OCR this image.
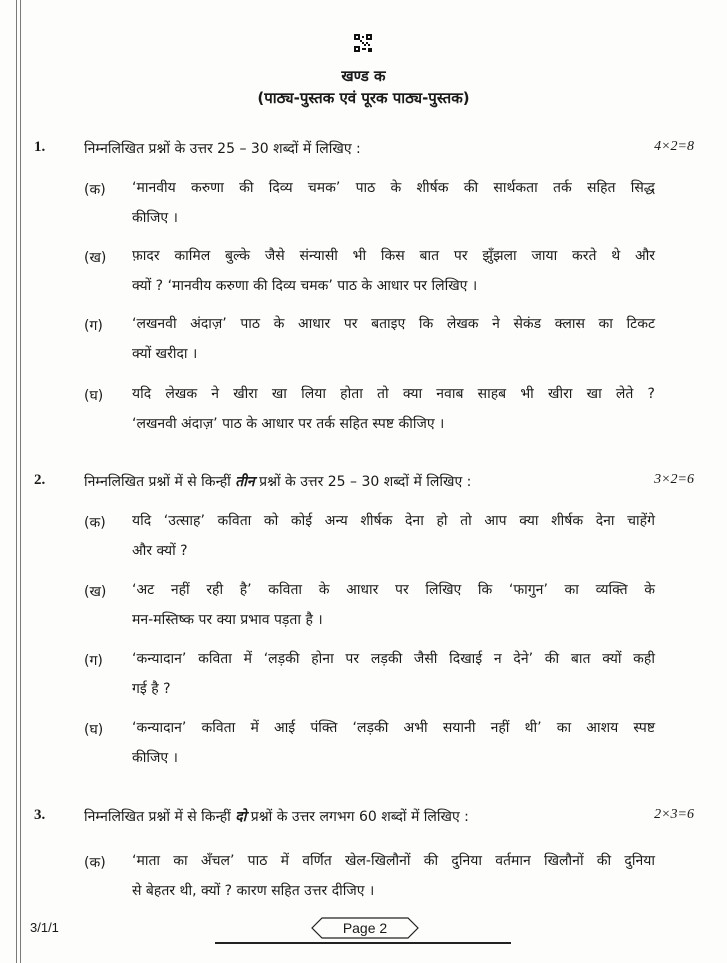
खण्ड क
(पाठ्य-पुस्तक एवं पूरक पाठ्य-पुस्तक)
1.	निम्नलिखित प्रश्नों के उत्तर 25 – 30 शब्दों में लिखिए :	4×2=8
(क) ‘मानवीय करुणा की दिव्य चमक’ पाठ के शीर्षक की सार्थकता तर्क सहित सिद्ध
कीजिए ।
(ख) फ़ादर कामिल बुल्के जैसे संन्यासी भी किस बात पर झुँझला जाया करते थे और
क्यों ? ‘मानवीय करुणा की दिव्य चमक’ पाठ के आधार पर लिखिए ।
(ग) ‘लखनवी अंदाज़’ पाठ के आधार पर बताइए कि लेखक ने सेकंड क्लास का टिकट
क्यों खरीदा ।
(घ) यदि लेखक ने खीरा खा लिया होता तो क्या नवाब साहब भी खीरा खा लेते ?
‘लखनवी अंदाज़’ पाठ के आधार पर तर्क सहित स्पष्ट कीजिए ।
2.	निम्नलिखित प्रश्नों में से किन्हीं तीन प्रश्नों के उत्तर 25 – 30 शब्दों में लिखिए :	3×2=6
(क) यदि ‘उत्साह’ कविता को कोई अन्य शीर्षक देना हो तो आप क्या शीर्षक देना चाहेंगे
और क्यों ?
(ख) ‘अट नहीं रही है’ कविता के आधार पर लिखिए कि ‘फागुन’ का व्यक्ति के
मन-मस्तिष्क पर क्या प्रभाव पड़ता है ।
(ग) ‘कन्यादान’ कविता में ‘लड़की होना पर लड़की जैसी दिखाई न देने’ की बात क्यों कही
गई है ?
(घ) ‘कन्यादान’ कविता में आई पंक्ति ‘लड़की अभी सयानी नहीं थी’ का आशय स्पष्ट
कीजिए ।
3.	निम्नलिखित प्रश्नों में से किन्हीं दो प्रश्नों के उत्तर लगभग 60 शब्दों में लिखिए :	2×3=6
(क) ‘माता का अँचल’ पाठ में वर्णित खेल-खिलौनों की दुनिया वर्तमान खिलौनों की दुनिया
से बेहतर थी, क्यों ? कारण सहित उत्तर दीजिए ।
3/1/1	Page 2
